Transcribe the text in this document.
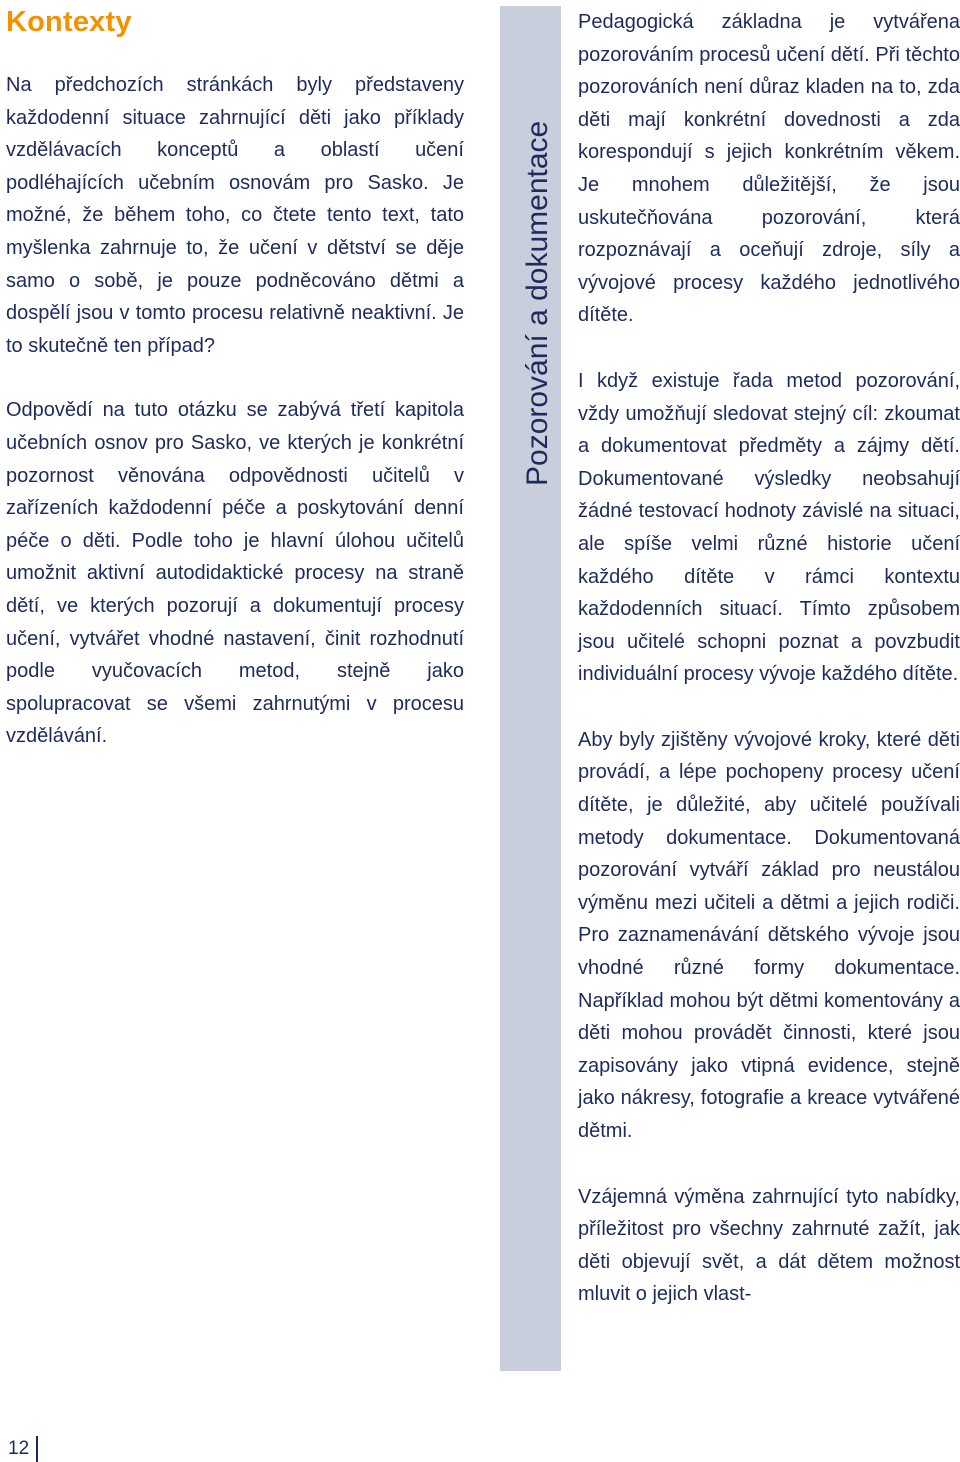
Kontexty

Na předchozích stránkách byly představeny každodenní situace zahrnující děti jako příklady vzdělávacích konceptů a oblastí učení podléhajících učebním osnovám pro Sasko. Je možné, že během toho, co čtete tento text, tato myšlenka zahrnuje to, že učení v dětství se děje samo o sobě, je pouze podněcováno dětmi a dospělí jsou v tomto procesu relativně neaktivní. Je to skutečně ten případ?

Odpovědí na tuto otázku se zabývá třetí kapitola učebních osnov pro Sasko, ve kterých je konkrétní pozornost věnována odpovědnosti učitelů v zařízeních každodenní péče a poskytování denní péče o děti. Podle toho je hlavní úlohou učitelů umožnit aktivní autodidaktické procesy na straně dětí, ve kterých pozorují a dokumentují procesy učení, vytvářet vhodné nastavení, činit rozhodnutí podle vyučovacích metod, stejně jako spolupracovat se všemi zahrnutými v procesu vzdělávání.

Pozorování a dokumentace

Pedagogická základna je vytvářena pozorováním procesů učení dětí. Při těchto pozorováních není důraz kladen na to, zda děti mají konkrétní dovednosti a zda korespondují s jejich konkrétním věkem. Je mnohem důležitější, že jsou uskutečňována pozorování, která rozpoznávají a oceňují zdroje, síly a vývojové procesy každého jednotlivého dítěte.

I když existuje řada metod pozorování, vždy umožňují sledovat stejný cíl: zkoumat a dokumentovat předměty a zájmy dětí. Dokumentované výsledky neobsahují žádné testovací hodnoty závislé na situaci, ale spíše velmi různé historie učení každého dítěte v rámci kontextu každodenních situací. Tímto způsobem jsou učitelé schopni poznat a povzbudit individuální procesy vývoje každého dítěte.

Aby byly zjištěny vývojové kroky, které děti provádí, a lépe pochopeny procesy učení dítěte, je důležité, aby učitelé používali metody dokumentace. Dokumentovaná pozorování vytváří základ pro neustálou výměnu mezi učiteli a dětmi a jejich rodiči. Pro zaznamenávání dětského vývoje jsou vhodné různé formy dokumentace. Například mohou být dětmi komentovány a děti mohou provádět činnosti, které jsou zapisovány jako vtipná evidence, stejně jako nákresy, fotografie a kreace vytvářené dětmi.

Vzájemná výměna zahrnující tyto nabídky, příležitost pro všechny zahrnuté zažít, jak děti objevují svět, a dát dětem možnost mluvit o jejich vlast-

12
